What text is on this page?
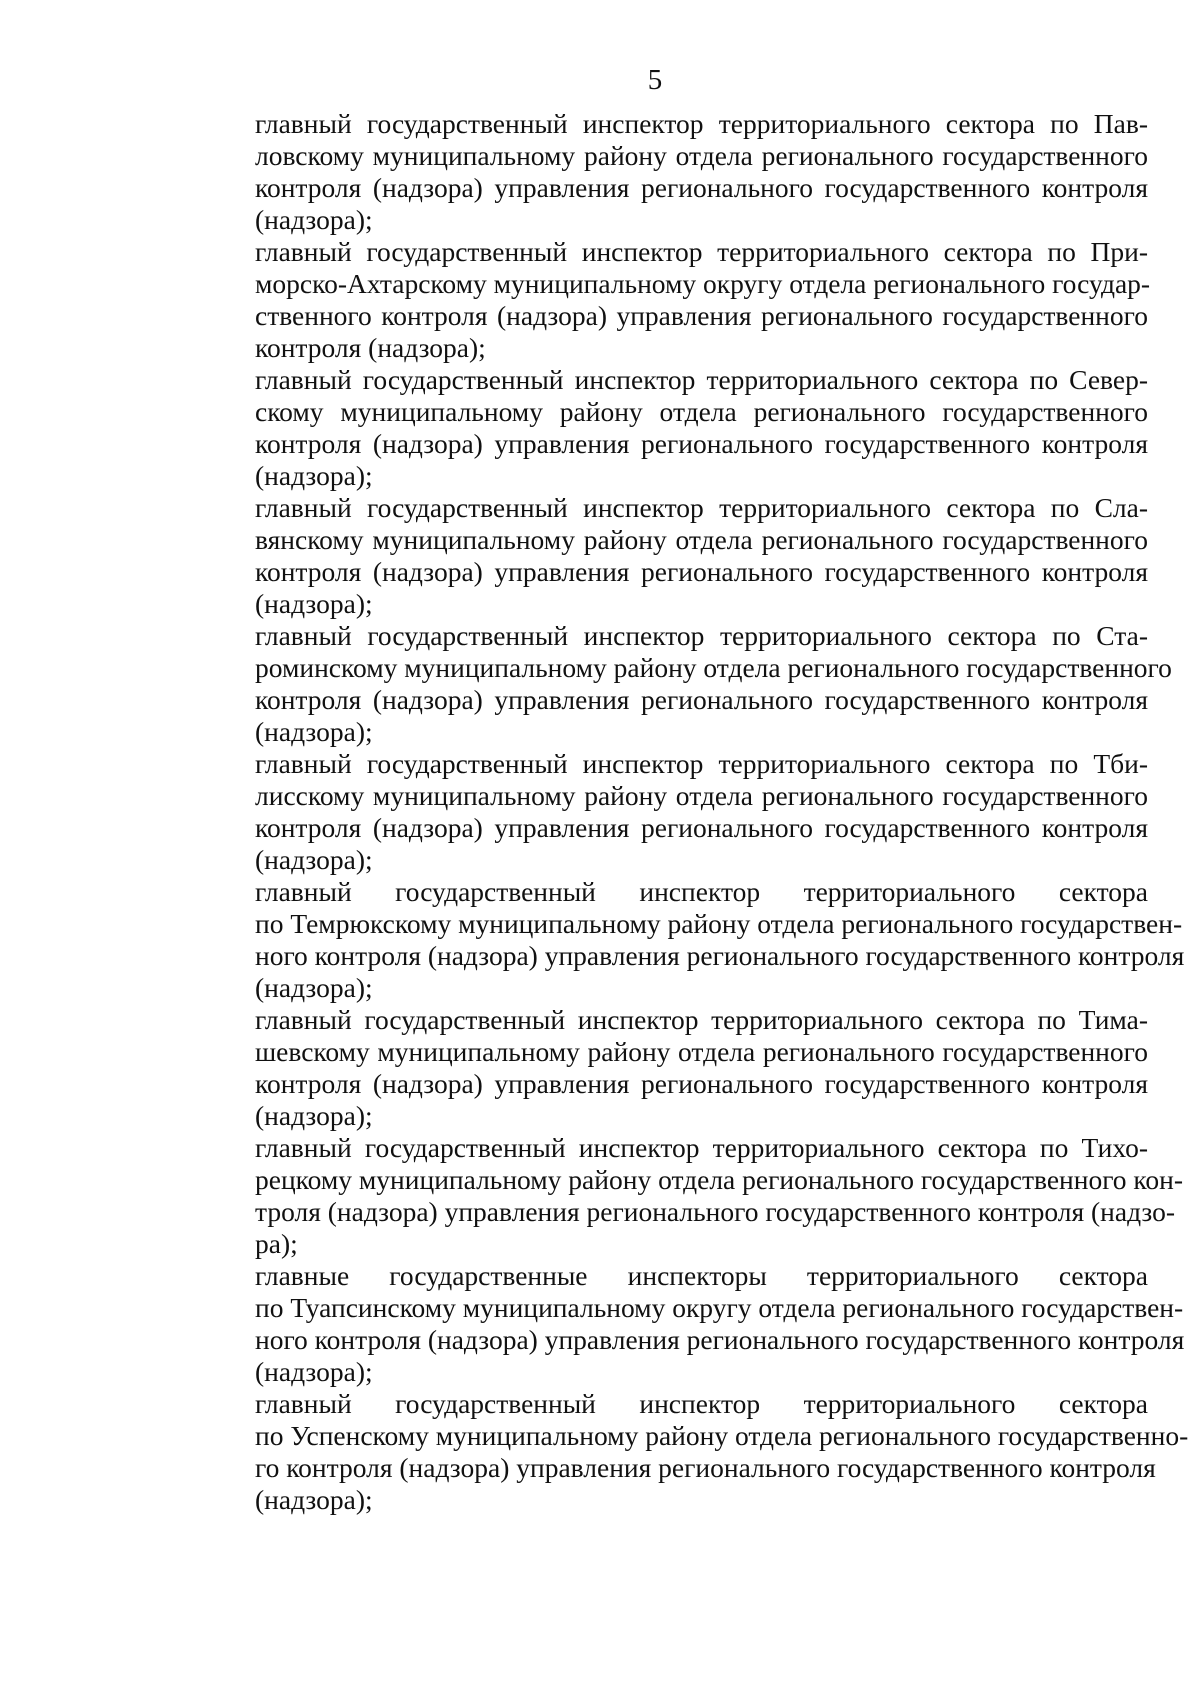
5

главный государственный инспектор территориального сектора по Пав-
ловскому муниципальному району отдела регионального государственного
контроля (надзора) управления регионального государственного контроля
(надзора);

главный государственный инспектор территориального сектора по При-
морско-Ахтарскому муниципальному округу отдела регионального государ-
ственного контроля (надзора) управления регионального государственного
контроля (надзора);

главный государственный инспектор территориального сектора по Север-
скому муниципальному району отдела регионального государственного
контроля (надзора) управления регионального государственного контроля
(надзора);

главный государственный инспектор территориального сектора по Сла-
вянскому муниципальному району отдела регионального государственного
контроля (надзора) управления регионального государственного контроля
(надзора);

главный государственный инспектор территориального сектора по Ста-
роминскому муниципальному району отдела регионального государственного
контроля (надзора) управления регионального государственного контроля
(надзора);

главный государственный инспектор территориального сектора по Тби-
лисскому муниципальному району отдела регионального государственного
контроля (надзора) управления регионального государственного контроля
(надзора);

главный государственный инспектор территориального сектора
по Темрюкскому муниципальному району отдела регионального государствен-
ного контроля (надзора) управления регионального государственного контроля
(надзора);

главный государственный инспектор территориального сектора по Тима-
шевскому муниципальному району отдела регионального государственного
контроля (надзора) управления регионального государственного контроля
(надзора);

главный государственный инспектор территориального сектора по Тихо-
рецкому муниципальному району отдела регионального государственного кон-
троля (надзора) управления регионального государственного контроля (надзо-
ра);

главные государственные инспекторы территориального сектора
по Туапсинскому муниципальному округу отдела регионального государствен-
ного контроля (надзора) управления регионального государственного контроля
(надзора);

главный государственный инспектор территориального сектора
по Успенскому муниципальному району отдела регионального государственно-
го контроля (надзора) управления регионального государственного контроля
(надзора);
